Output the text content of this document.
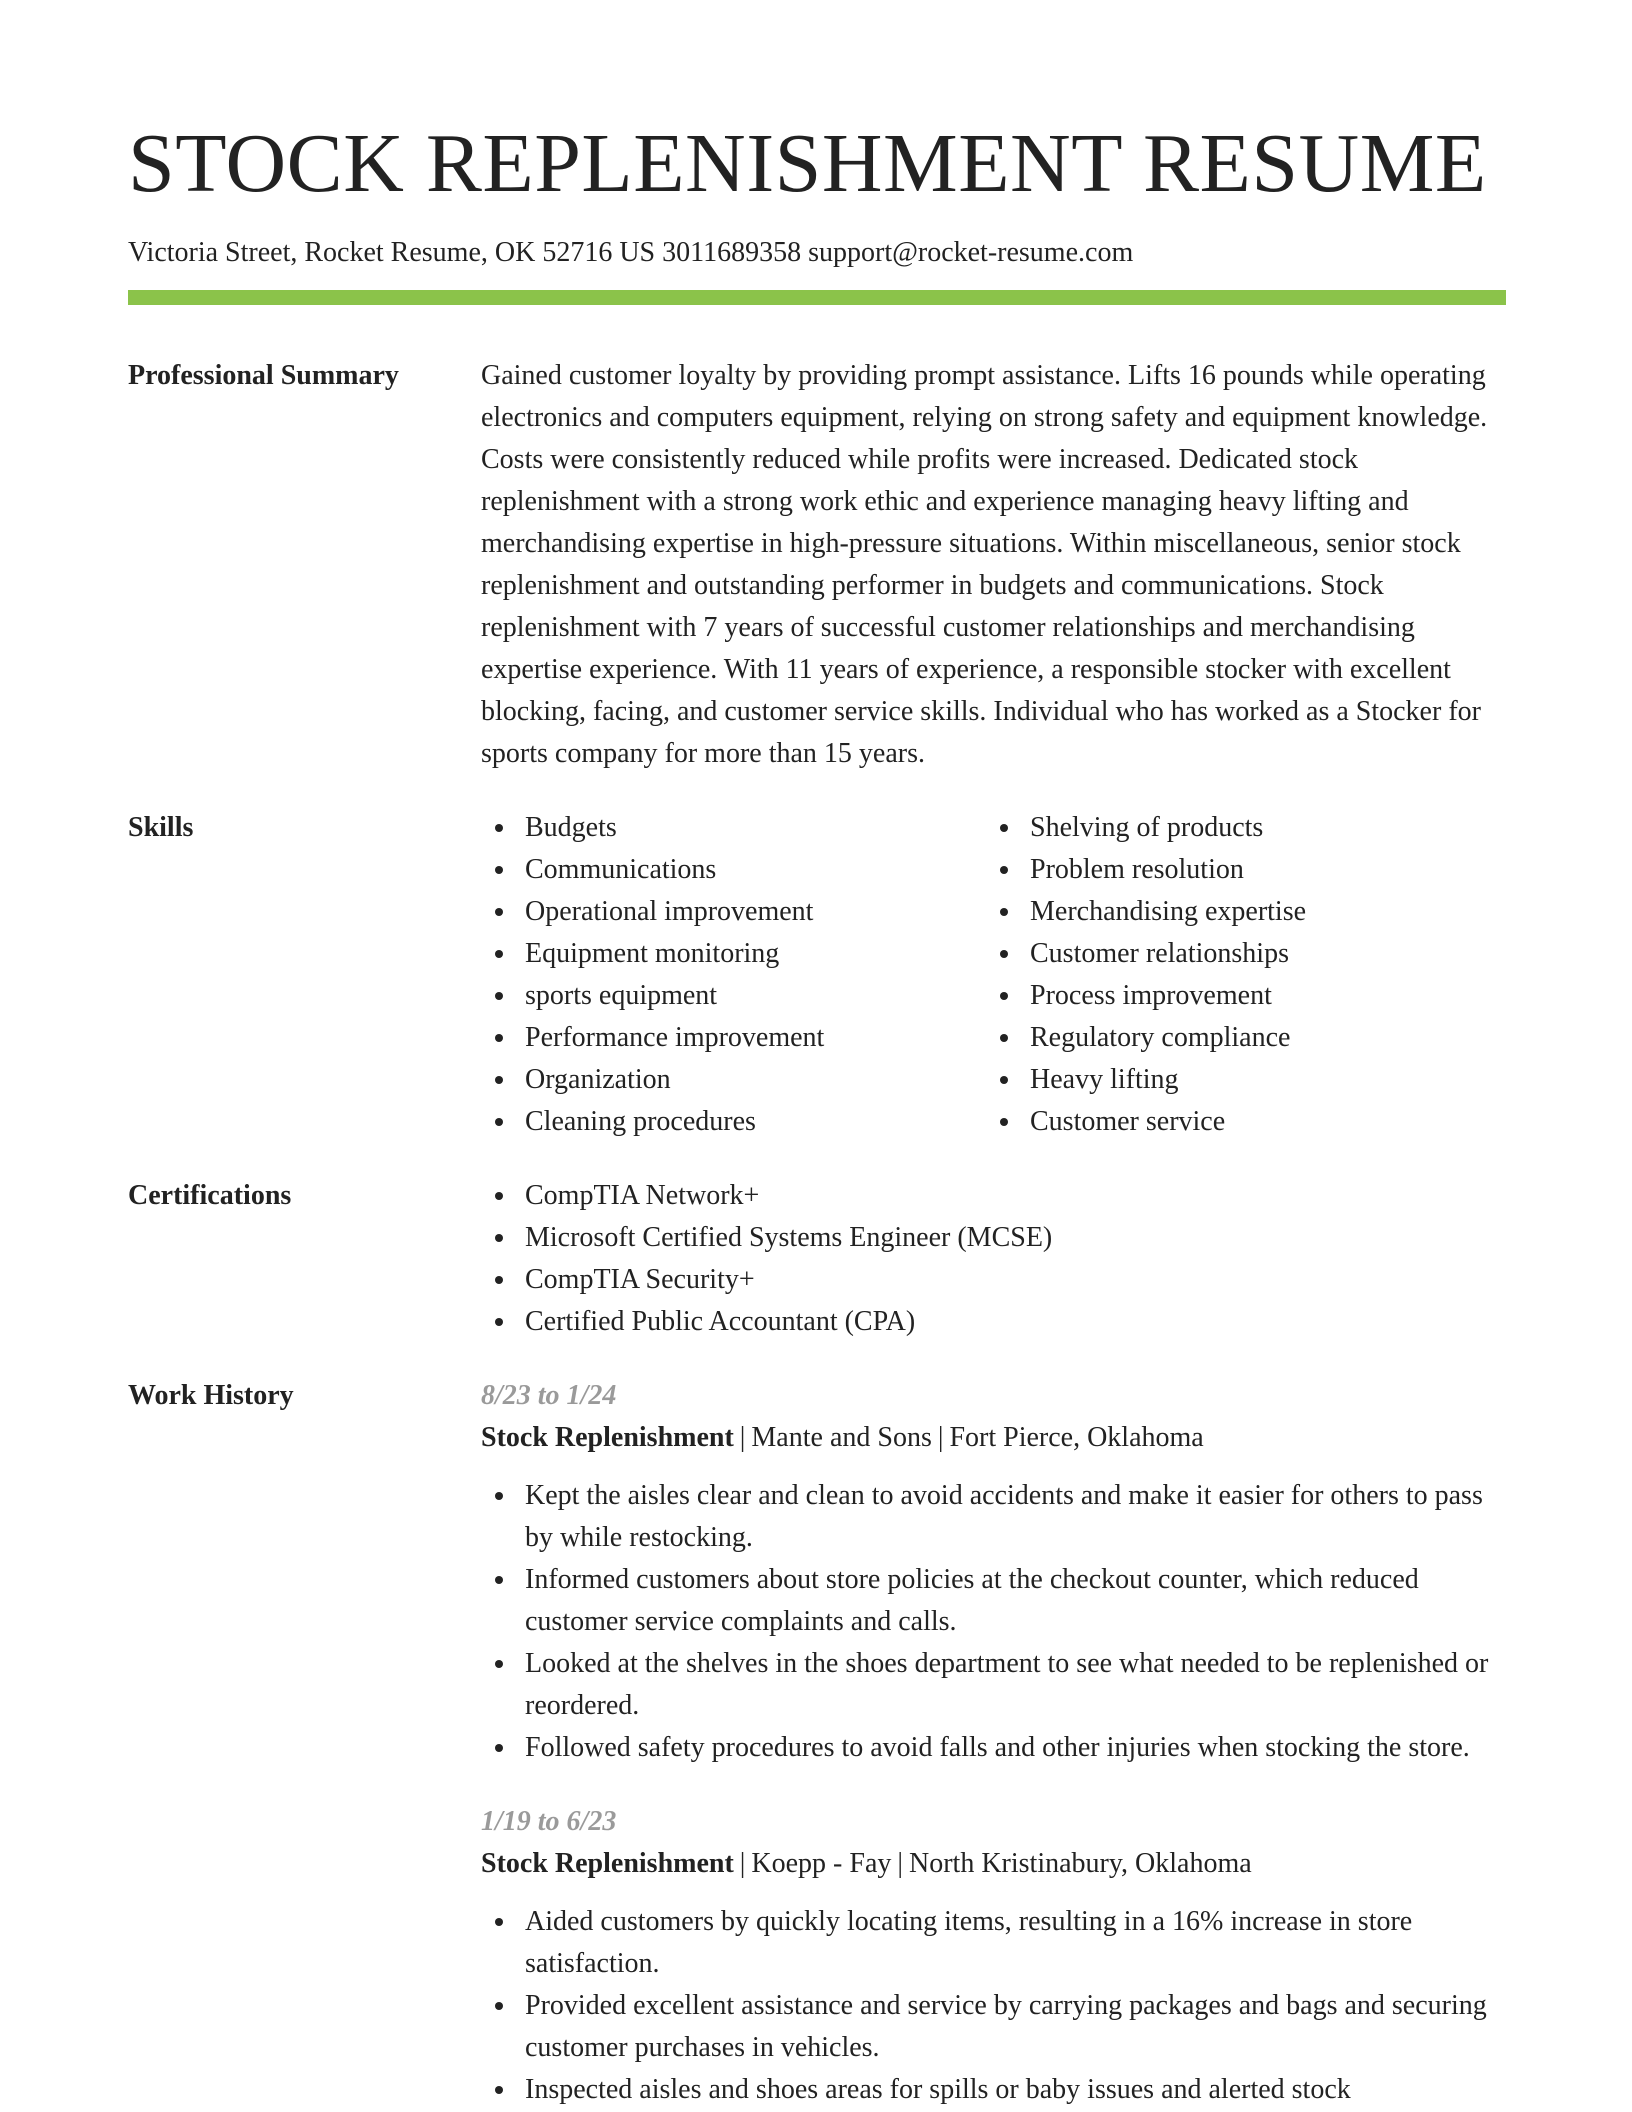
STOCK REPLENISHMENT RESUME
Victoria Street, Rocket Resume, OK 52716 US 3011689358 support@rocket-resume.com
Professional Summary	Gained customer loyalty by providing prompt assistance. Lifts 16 pounds while operating electronics and computers equipment, relying on strong safety and equipment knowledge. Costs were consistently reduced while profits were increased. Dedicated stock replenishment with a strong work ethic and experience managing heavy lifting and merchandising expertise in high-pressure situations. Within miscellaneous, senior stock replenishment and outstanding performer in budgets and communications. Stock replenishment with 7 years of successful customer relationships and merchandising expertise experience. With 11 years of experience, a responsible stocker with excellent blocking, facing, and customer service skills. Individual who has worked as a Stocker for sports company for more than 15 years.

Skills	Budgets
Communications
Operational improvement
Equipment monitoring
sports equipment
Performance improvement
Organization
Cleaning procedures
Shelving of products
Problem resolution
Merchandising expertise
Customer relationships
Process improvement
Regulatory compliance
Heavy lifting
Customer service
Certifications	CompTIA Network+
Microsoft Certified Systems Engineer (MCSE)
CompTIA Security+
Certified Public Accountant (CPA)
Work History	8/23 to 1/24
Stock Replenishment | Mante and Sons | Fort Pierce, Oklahoma
Kept the aisles clear and clean to avoid accidents and make it easier for others to pass by while restocking.
Informed customers about store policies at the checkout counter, which reduced customer service complaints and calls.
Looked at the shelves in the shoes department to see what needed to be replenished or reordered.
Followed safety procedures to avoid falls and other injuries when stocking the store.
1/19 to 6/23
Stock Replenishment | Koepp - Fay | North Kristinabury, Oklahoma
Aided customers by quickly locating items, resulting in a 16% increase in store satisfaction.
Provided excellent assistance and service by carrying packages and bags and securing customer purchases in vehicles.
Inspected aisles and shoes areas for spills or baby issues and alerted stock
